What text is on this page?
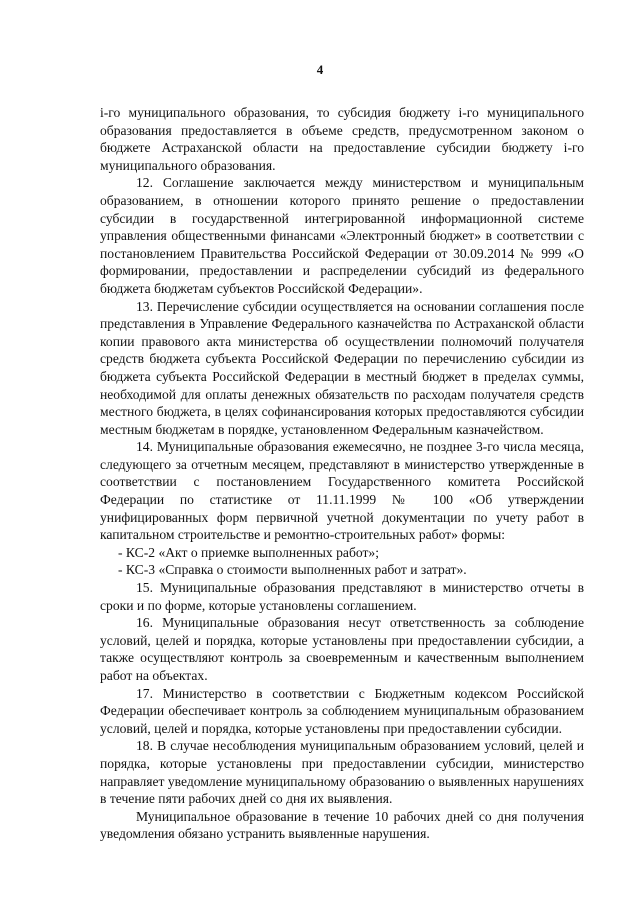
4

i-го муниципального образования, то субсидия бюджету i-го муниципального образования предоставляется в объеме средств, предусмотренном законом о бюджете Астраханской области на предоставление субсидии бюджету i-го муниципального образования.

12. Соглашение заключается между министерством и муниципальным образованием, в отношении которого принято решение о предоставлении субсидии в государственной интегрированной информационной системе управления общественными финансами «Электронный бюджет» в соответствии с постановлением Правительства Российской Федерации от 30.09.2014 № 999 «О формировании, предоставлении и распределении субсидий из федерального бюджета бюджетам субъектов Российской Федерации».

13. Перечисление субсидии осуществляется на основании соглашения после представления в Управление Федерального казначейства по Астраханской области копии правового акта министерства об осуществлении полномочий получателя средств бюджета субъекта Российской Федерации по перечислению субсидии из бюджета субъекта Российской Федерации в местный бюджет в пределах суммы, необходимой для оплаты денежных обязательств по расходам получателя средств местного бюджета, в целях софинансирования которых предоставляются субсидии местным бюджетам в порядке, установленном Федеральным казначейством.

14. Муниципальные образования ежемесячно, не позднее 3-го числа месяца, следующего за отчетным месяцем, представляют в министерство утвержденные в соответствии с постановлением Государственного комитета Российской Федерации по статистике от 11.11.1999 № 100 «Об утверждении унифицированных форм первичной учетной документации по учету работ в капитальном строительстве и ремонтно-строительных работ» формы:

- КС-2 «Акт о приемке выполненных работ»;

- КС-3 «Справка о стоимости выполненных работ и затрат».

15. Муниципальные образования представляют в министерство отчеты в сроки и по форме, которые установлены соглашением.

16. Муниципальные образования несут ответственность за соблюдение условий, целей и порядка, которые установлены при предоставлении субсидии, а также осуществляют контроль за своевременным и качественным выполнением работ на объектах.

17. Министерство в соответствии с Бюджетным кодексом Российской Федерации обеспечивает контроль за соблюдением муниципальным образованием условий, целей и порядка, которые установлены при предоставлении субсидии.

18. В случае несоблюдения муниципальным образованием условий, целей и порядка, которые установлены при предоставлении субсидии, министерство направляет уведомление муниципальному образованию о выявленных нарушениях в течение пяти рабочих дней со дня их выявления.

Муниципальное образование в течение 10 рабочих дней со дня получения уведомления обязано устранить выявленные нарушения.
